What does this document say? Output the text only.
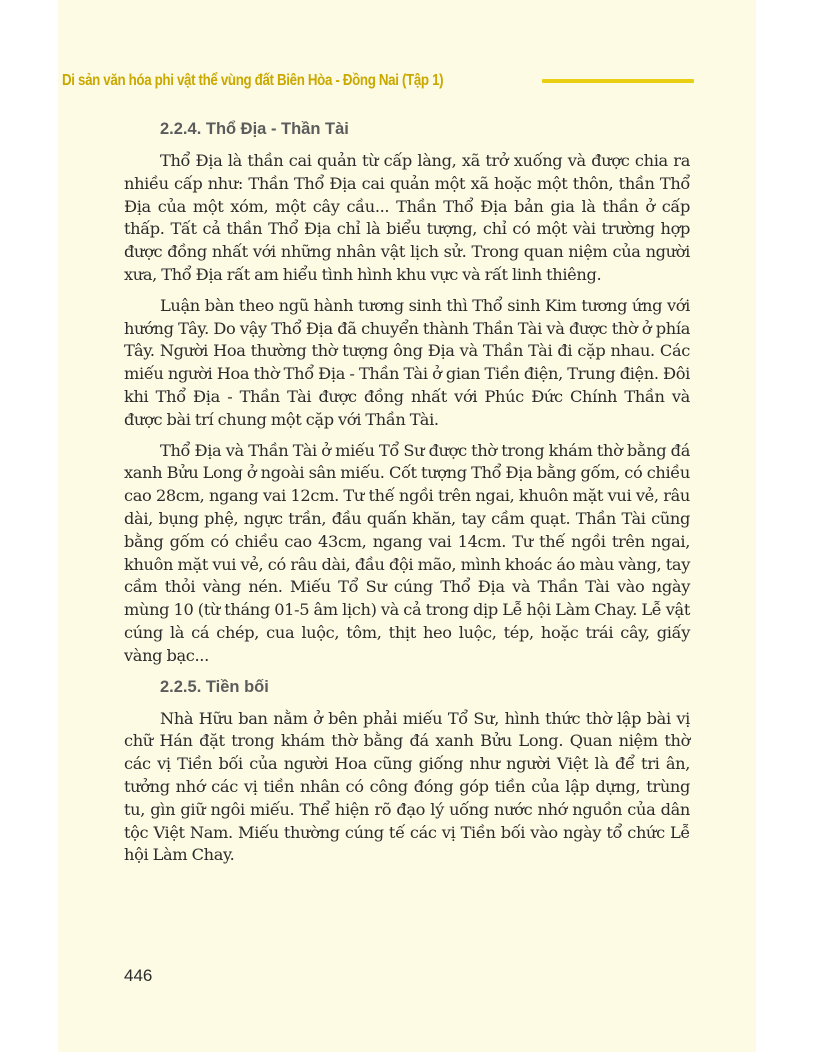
Di sản văn hóa phi vật thể vùng đất Biên Hòa - Đồng Nai (Tập 1)
2.2.4. Thổ Địa - Thần Tài

Thổ Địa là thần cai quản từ cấp làng, xã trở xuống và được chia ra nhiều cấp như: Thần Thổ Địa cai quản một xã hoặc một thôn, thần Thổ Địa của một xóm, một cây cầu... Thần Thổ Địa bản gia là thần ở cấp thấp. Tất cả thần Thổ Địa chỉ là biểu tượng, chỉ có một vài trường hợp được đồng nhất với những nhân vật lịch sử. Trong quan niệm của người xưa, Thổ Địa rất am hiểu tình hình khu vực và rất linh thiêng.

Luận bàn theo ngũ hành tương sinh thì Thổ sinh Kim tương ứng với hướng Tây. Do vậy Thổ Địa đã chuyển thành Thần Tài và được thờ ở phía Tây. Người Hoa thường thờ tượng ông Địa và Thần Tài đi cặp nhau. Các miếu người Hoa thờ Thổ Địa - Thần Tài ở gian Tiền điện, Trung điện. Đôi khi Thổ Địa - Thần Tài được đồng nhất với Phúc Đức Chính Thần và được bài trí chung một cặp với Thần Tài.

Thổ Địa và Thần Tài ở miếu Tổ Sư được thờ trong khám thờ bằng đá xanh Bửu Long ở ngoài sân miếu. Cốt tượng Thổ Địa bằng gốm, có chiều cao 28cm, ngang vai 12cm. Tư thế ngồi trên ngai, khuôn mặt vui vẻ, râu dài, bụng phệ, ngực trần, đầu quấn khăn, tay cầm quạt. Thần Tài cũng bằng gốm có chiều cao 43cm, ngang vai 14cm. Tư thế ngồi trên ngai, khuôn mặt vui vẻ, có râu dài, đầu đội mão, mình khoác áo màu vàng, tay cầm thỏi vàng nén. Miếu Tổ Sư cúng Thổ Địa và Thần Tài vào ngày mùng 10 (từ tháng 01-5 âm lịch) và cả trong dịp Lễ hội Làm Chay. Lễ vật cúng là cá chép, cua luộc, tôm, thịt heo luộc, tép, hoặc trái cây, giấy vàng bạc...

2.2.5. Tiền bối

Nhà Hữu ban nằm ở bên phải miếu Tổ Sư, hình thức thờ lập bài vị chữ Hán đặt trong khám thờ bằng đá xanh Bửu Long. Quan niệm thờ các vị Tiền bối của người Hoa cũng giống như người Việt là để tri ân, tưởng nhớ các vị tiền nhân có công đóng góp tiền của lập dựng, trùng tu, gìn giữ ngôi miếu. Thể hiện rõ đạo lý uống nước nhớ nguồn của dân tộc Việt Nam. Miếu thường cúng tế các vị Tiền bối vào ngày tổ chức Lễ hội Làm Chay.

446
